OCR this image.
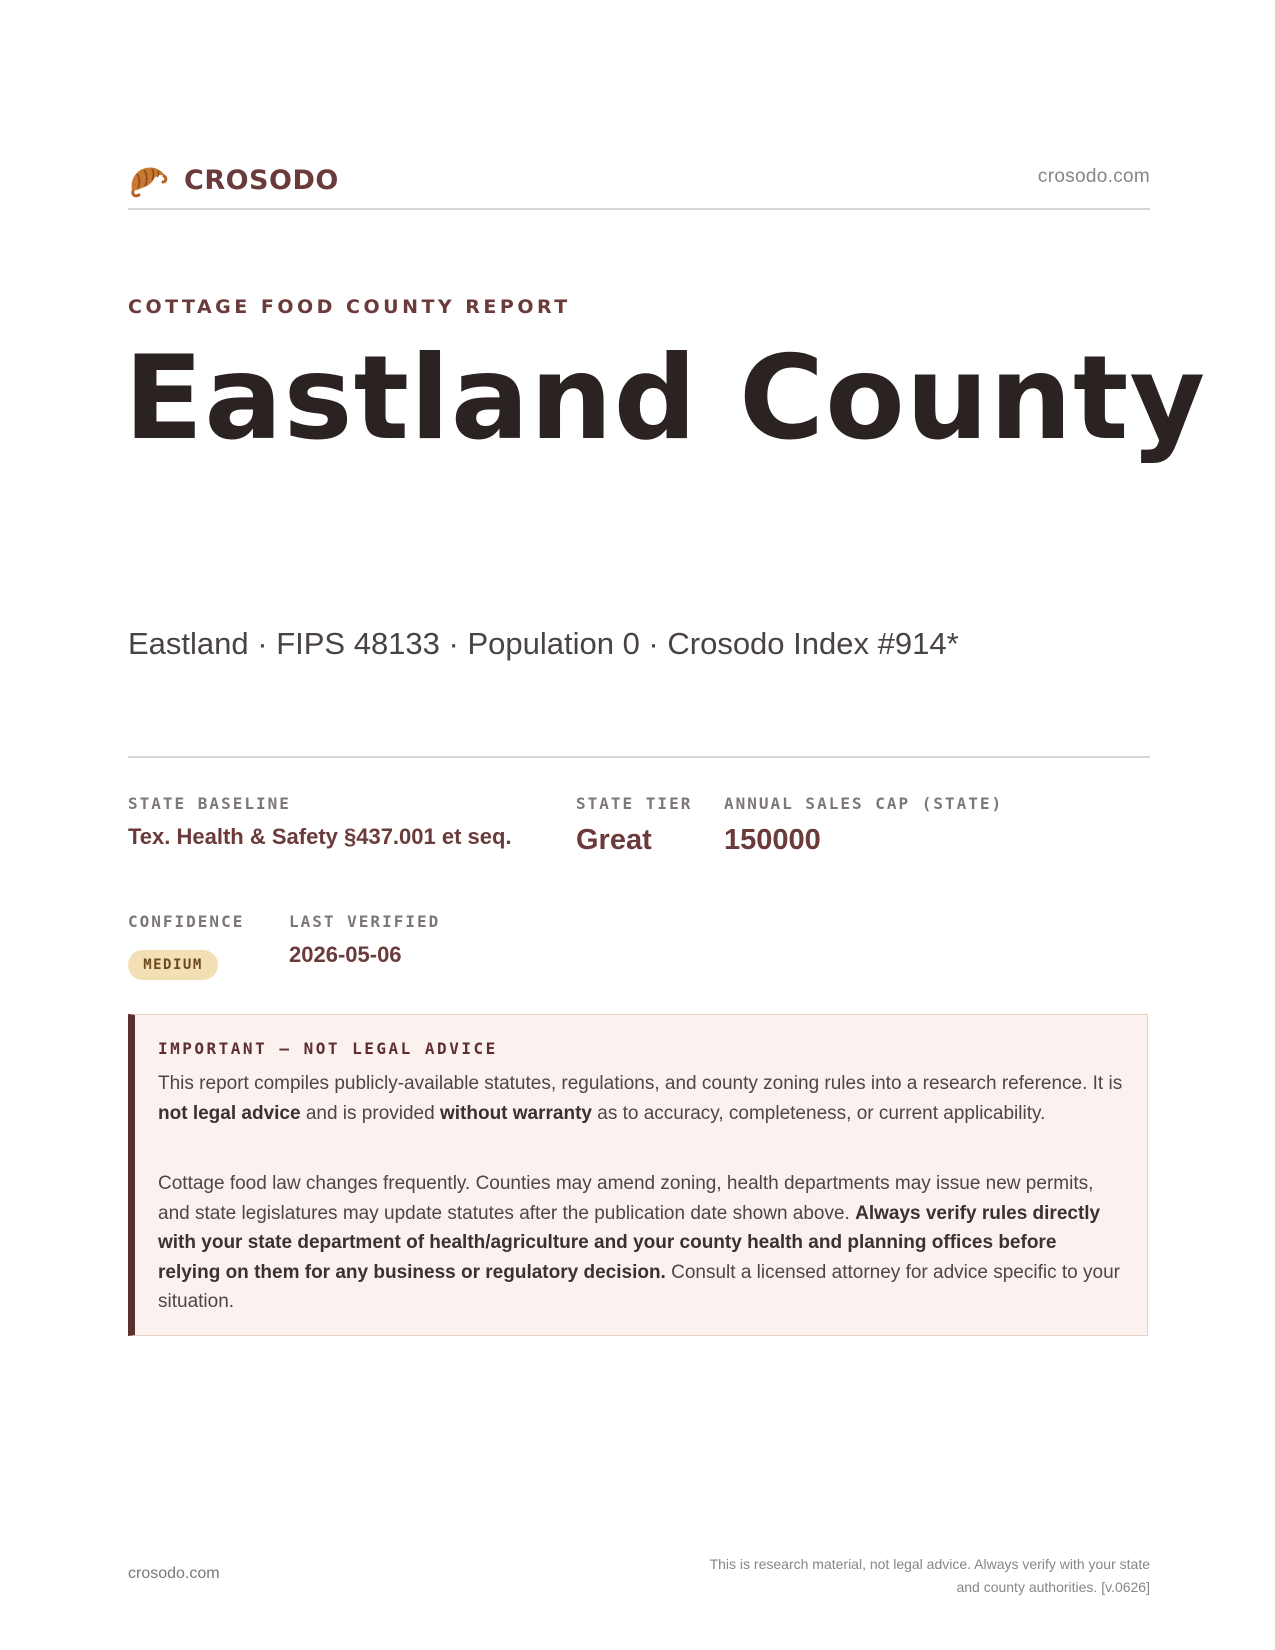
CROSODO	crosodo.com
COTTAGE FOOD COUNTY REPORT
Eastland County
Eastland · FIPS 48133 · Population 0 · Crosodo Index #914*
STATE BASELINE
Tex. Health & Safety §437.001 et seq.
STATE TIER
Great
ANNUAL SALES CAP (STATE)
150000
CONFIDENCE
MEDIUM
LAST VERIFIED
2026-05-06
IMPORTANT — NOT LEGAL ADVICE
This report compiles publicly-available statutes, regulations, and county zoning rules into a research reference. It is not legal advice and is provided without warranty as to accuracy, completeness, or current applicability.
Cottage food law changes frequently. Counties may amend zoning, health departments may issue new permits, and state legislatures may update statutes after the publication date shown above. Always verify rules directly with your state department of health/agriculture and your county health and planning offices before relying on them for any business or regulatory decision. Consult a licensed attorney for advice specific to your situation.
crosodo.com
This is research material, not legal advice. Always verify with your state
and county authorities. [v.0626]
